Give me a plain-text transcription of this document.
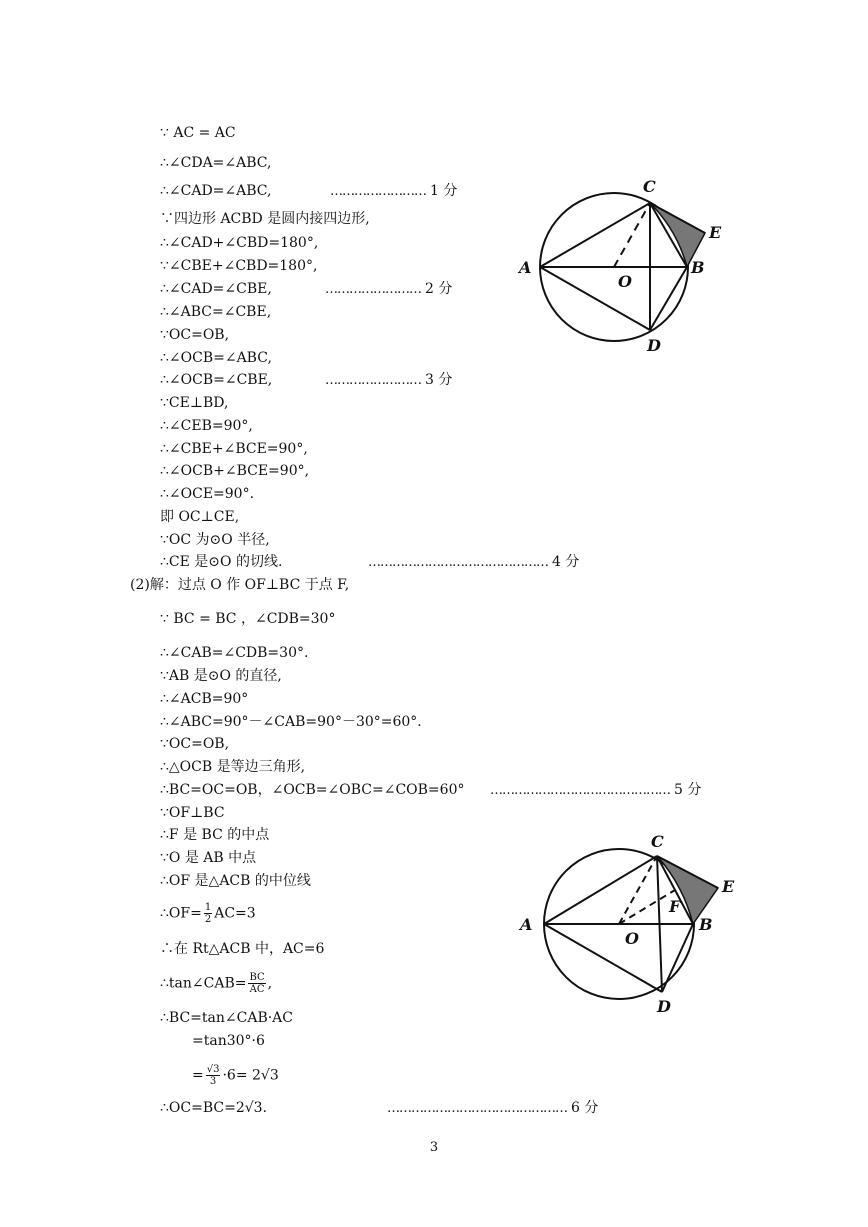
∵ AC = AC
∴∠CDA=∠ABC,
∴∠CAD=∠ABC,
∵四边形 ACBD 是圆内接四边形,
∴∠CAD+∠CBD=180°,
∵∠CBE+∠CBD=180°,
∴∠CAD=∠CBE,
∴∠ABC=∠CBE,
∵OC=OB,
∴∠OCB=∠ABC,
∴∠OCB=∠CBE,
∵CE⊥BD,
∴∠CEB=90°,
∴∠CBE+∠BCE=90°,
∴∠OCB+∠BCE=90°,
∴∠OCE=90°.
即 OC⊥CE,
∵OC 为⊙O 半径,
∴CE 是⊙O 的切线.
(2)解：过点 O 作 OF⊥BC 于点 F,
∵ BC = BC ，∠CDB=30°
∴∠CAB=∠CDB=30°.
∵AB 是⊙O 的直径,
∴∠ACB=90°
∴∠ABC=90°－∠CAB=90°－30°=60°.
∵OC=OB,
∴△OCB 是等边三角形,
∴BC=OC=OB，∠OCB=∠OBC=∠COB=60°
∵OF⊥BC
∴F 是 BC 的中点
∵O 是 AB 中点
∴OF 是△ACB 的中位线
∴在 Rt△ACB 中，AC=6
∴BC=tan∠CAB·AC
=tan30°·6
∴OC=BC=2√3.
…………………… 1 分
…………………… 2 分
…………………… 3 分
……………………………………… 4 分
……………………………………… 5 分
……………………………………… 6 分
∴OF= $\frac{1}{2} AC=3$
∴tan∠CAB= $\frac{BC}{AC}$ ,
= $\frac{√3}{3} \cdot 6= 2√3$
A	B
C
D
E
O
A	B
C
D
E
F
O
3
